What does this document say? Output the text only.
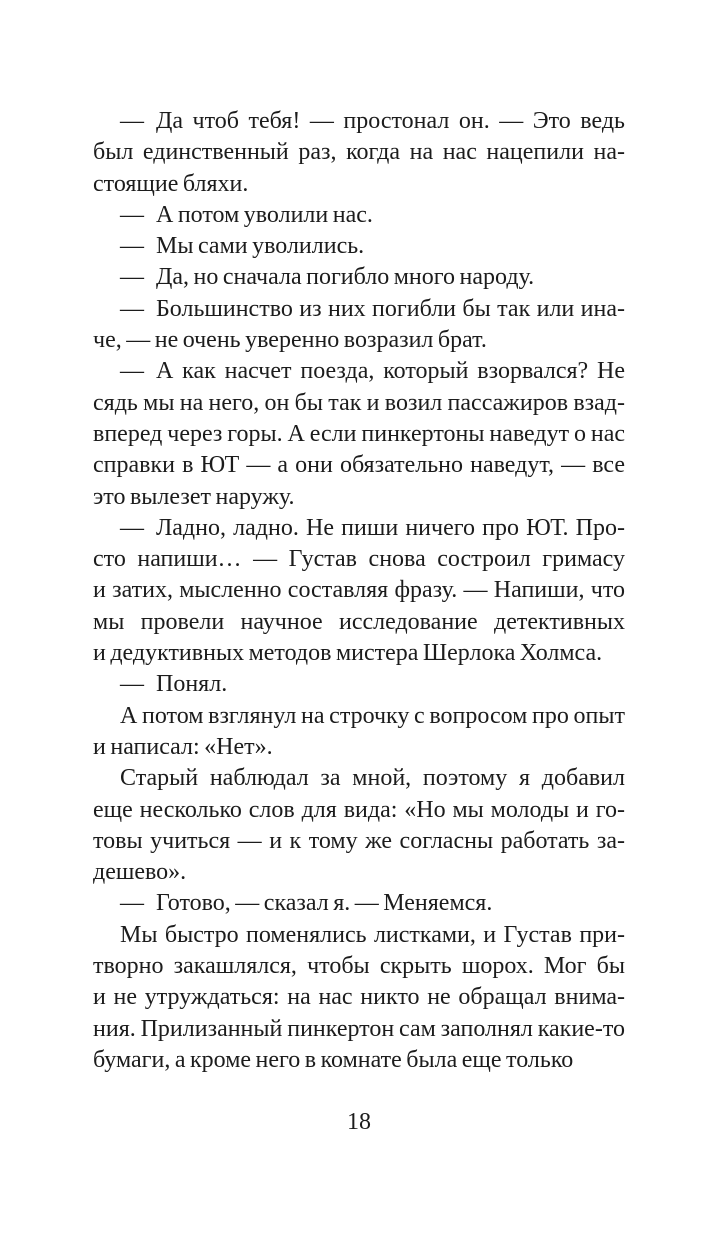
— Да чтоб тебя! — простонал он. — Это ведь
был единственный раз, когда на нас нацепили на-
стоящие бляхи.
— А потом уволили нас.
— Мы сами уволились.
— Да, но сначала погибло много народу.
— Большинство из них погибли бы так или ина-
че, — не очень уверенно возразил брат.
— А как насчет поезда, который взорвался? Не
сядь мы на него, он бы так и возил пассажиров взад-
вперед через горы. А если пинкертоны наведут о нас
справки в ЮТ — а они обязательно наведут, — все
это вылезет наружу.
— Ладно, ладно. Не пиши ничего про ЮТ. Про-
сто напиши… — Густав снова состроил гримасу
и затих, мысленно составляя фразу. — Напиши, что
мы провели научное исследование детективных
и дедуктивных методов мистера Шерлока Холмса.
— Понял.
А потом взглянул на строчку с вопросом про опыт
и написал: «Нет».
Старый наблюдал за мной, поэтому я добавил
еще несколько слов для вида: «Но мы молоды и го-
товы учиться — и к тому же согласны работать за-
дешево».
— Готово, — сказал я. — Меняемся.
Мы быстро поменялись листками, и Густав при-
творно закашлялся, чтобы скрыть шорох. Мог бы
и не утруждаться: на нас никто не обращал внима-
ния. Прилизанный пинкертон сам заполнял какие-то
бумаги, а кроме него в комнате была еще только
18
